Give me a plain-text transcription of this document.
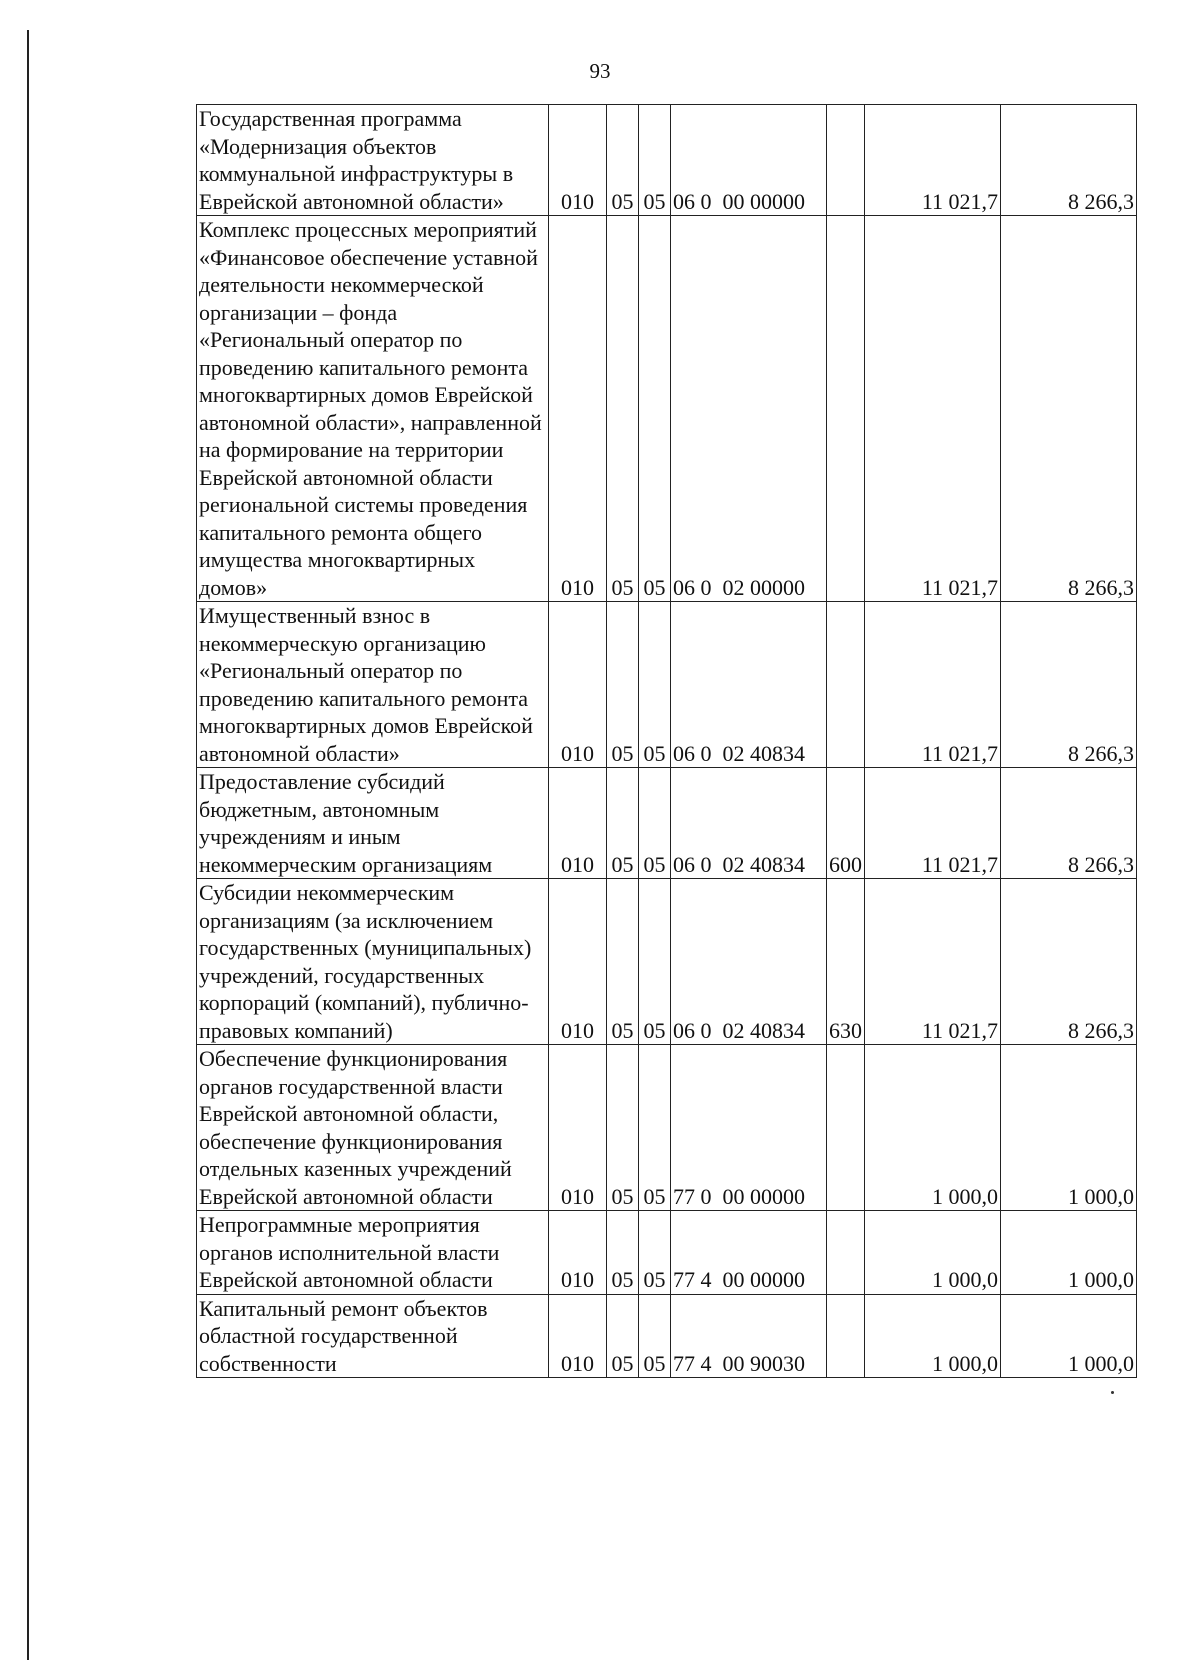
93
Государственная программа «Модернизация объектов коммунальной инфраструктуры в Еврейской автономной области»	010	05	05	06 0  00 00000		11 021,7	8 266,3
Комплекс процессных мероприятий «Финансовое обеспечение уставной деятельности некоммерческой организации – фонда «Региональный оператор по проведению капитального ремонта многоквартирных домов Еврейской автономной области», направленной на формирование на территории Еврейской автономной области региональной системы проведения капитального ремонта общего имущества многоквартирных домов»	010	05	05	06 0  02 00000		11 021,7	8 266,3
Имущественный взнос в некоммерческую организацию «Региональный оператор по проведению капитального ремонта многоквартирных домов Еврейской автономной области»	010	05	05	06 0  02 40834		11 021,7	8 266,3
Предоставление субсидий бюджетным, автономным учреждениям и иным некоммерческим организациям	010	05	05	06 0  02 40834	600	11 021,7	8 266,3
Субсидии некоммерческим организациям (за исключением государственных (муниципальных) учреждений, государственных корпораций (компаний), публично-правовых компаний)	010	05	05	06 0  02 40834	630	11 021,7	8 266,3
Обеспечение функционирования органов государственной власти Еврейской автономной области, обеспечение функционирования отдельных казенных учреждений Еврейской автономной области	010	05	05	77 0  00 00000		1 000,0	1 000,0
Непрограммные мероприятия органов исполнительной власти Еврейской автономной области	010	05	05	77 4  00 00000		1 000,0	1 000,0
Капитальный ремонт объектов областной государственной собственности	010	05	05	77 4  00 90030		1 000,0	1 000,0
